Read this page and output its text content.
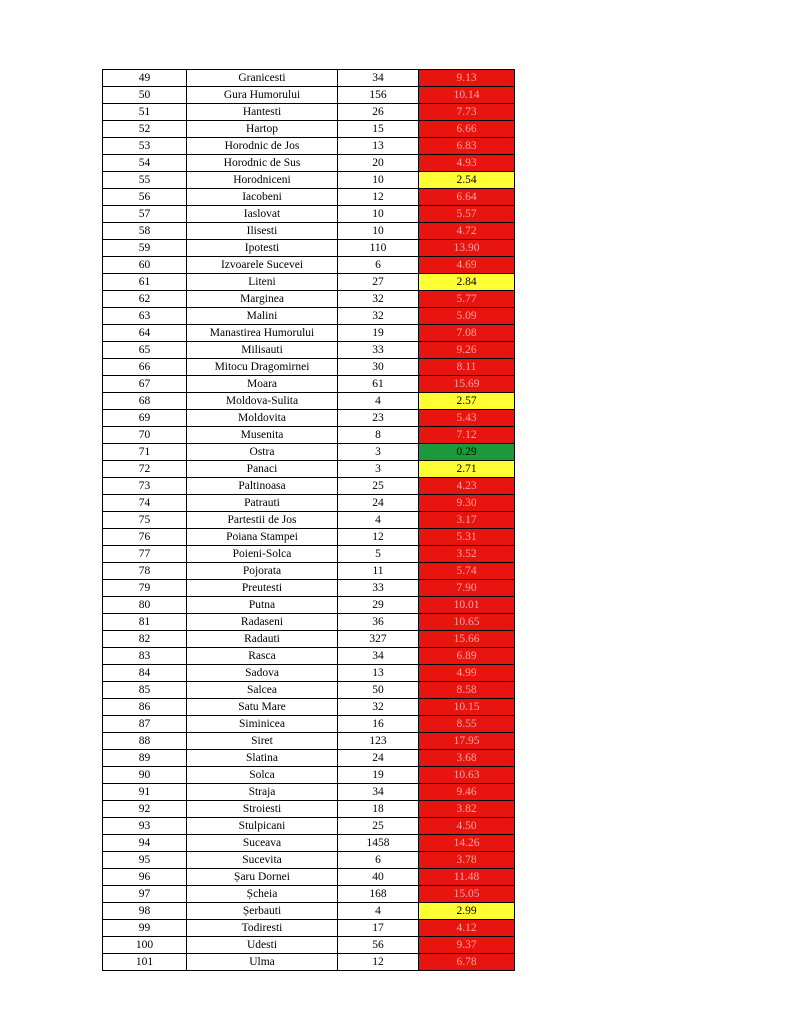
49	Granicesti	34	9.13
50	Gura Humorului	156	10.14
51	Hantesti	26	7.73
52	Hartop	15	6.66
53	Horodnic de Jos	13	6.83
54	Horodnic de Sus	20	4.93
55	Horodniceni	10	2.54
56	Iacobeni	12	6.64
57	Iaslovat	10	5.57
58	Ilisesti	10	4.72
59	Ipotesti	110	13.90
60	Izvoarele Sucevei	6	4.69
61	Liteni	27	2.84
62	Marginea	32	5.77
63	Malini	32	5.09
64	Manastirea Humorului	19	7.08
65	Milisauti	33	9.26
66	Mitocu Dragomirnei	30	8.11
67	Moara	61	15.69
68	Moldova-Sulita	4	2.57
69	Moldovita	23	5.43
70	Musenita	8	7.12
71	Ostra	3	0.29
72	Panaci	3	2.71
73	Paltinoasa	25	4.23
74	Patrauti	24	9.30
75	Partestii de Jos	4	3.17
76	Poiana Stampei	12	5.31
77	Poieni-Solca	5	3.52
78	Pojorata	11	5.74
79	Preutesti	33	7.90
80	Putna	29	10.01
81	Radaseni	36	10.65
82	Radauti	327	15.66
83	Rasca	34	6.89
84	Sadova	13	4.99
85	Salcea	50	8.58
86	Satu Mare	32	10.15
87	Siminicea	16	8.55
88	Siret	123	17.95
89	Slatina	24	3.68
90	Solca	19	10.63
91	Straja	34	9.46
92	Stroiesti	18	3.82
93	Stulpicani	25	4.50
94	Suceava	1458	14.26
95	Sucevita	6	3.78
96	Șaru Dornei	40	11.48
97	Șcheia	168	15.05
98	Șerbauti	4	2.99
99	Todiresti	17	4.12
100	Udesti	56	9.37
101	Ulma	12	6.78
